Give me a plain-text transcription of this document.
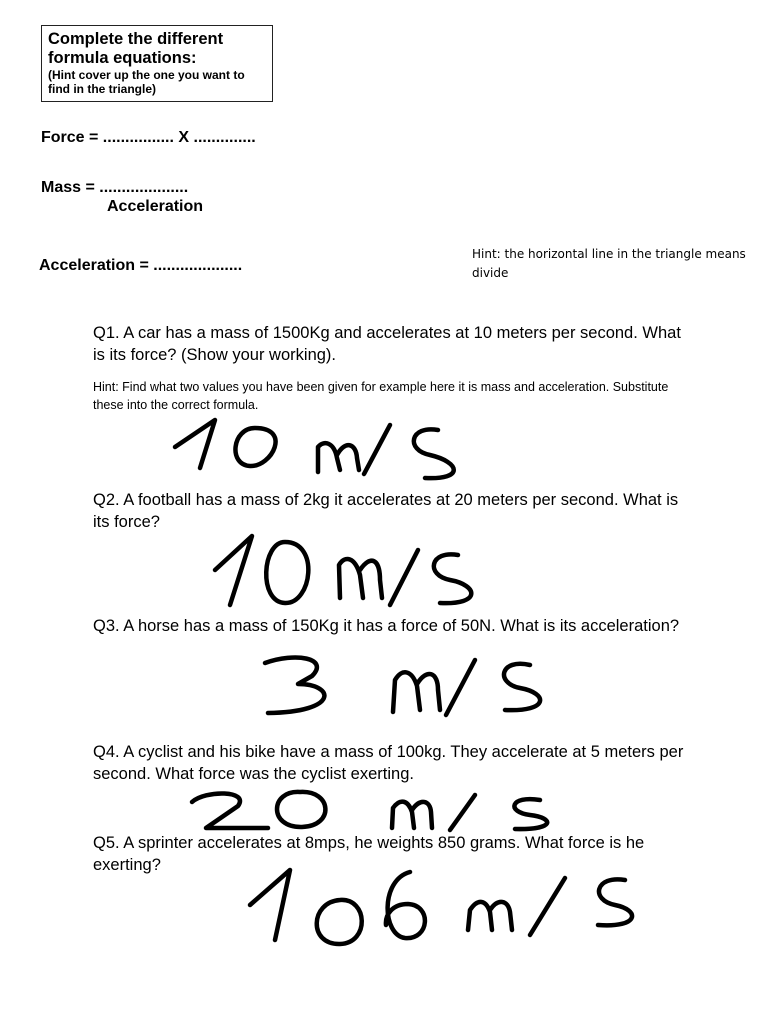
Complete the different formula equations:
(Hint cover up the one you want to find in the triangle)
Force = ................ X ..............
Mass = ....................
Acceleration
Acceleration = ....................
Hint: the horizontal line in the triangle means divide
Q1. A car has a mass of 1500Kg and accelerates at 10 meters per second. What is its force? (Show your working).
Hint: Find what two values you have been given for example here it is mass and acceleration. Substitute these into the correct formula.
Q2. A football has a mass of 2kg it accelerates at 20 meters per second. What is its force?
Q3. A horse has a mass of 150Kg it has a force of 50N. What is its acceleration?
Q4. A cyclist and his bike have a mass of 100kg. They accelerate at 5 meters per second. What force was the cyclist exerting.
Q5. A sprinter accelerates at 8mps, he weights 850 grams. What force is he exerting?
